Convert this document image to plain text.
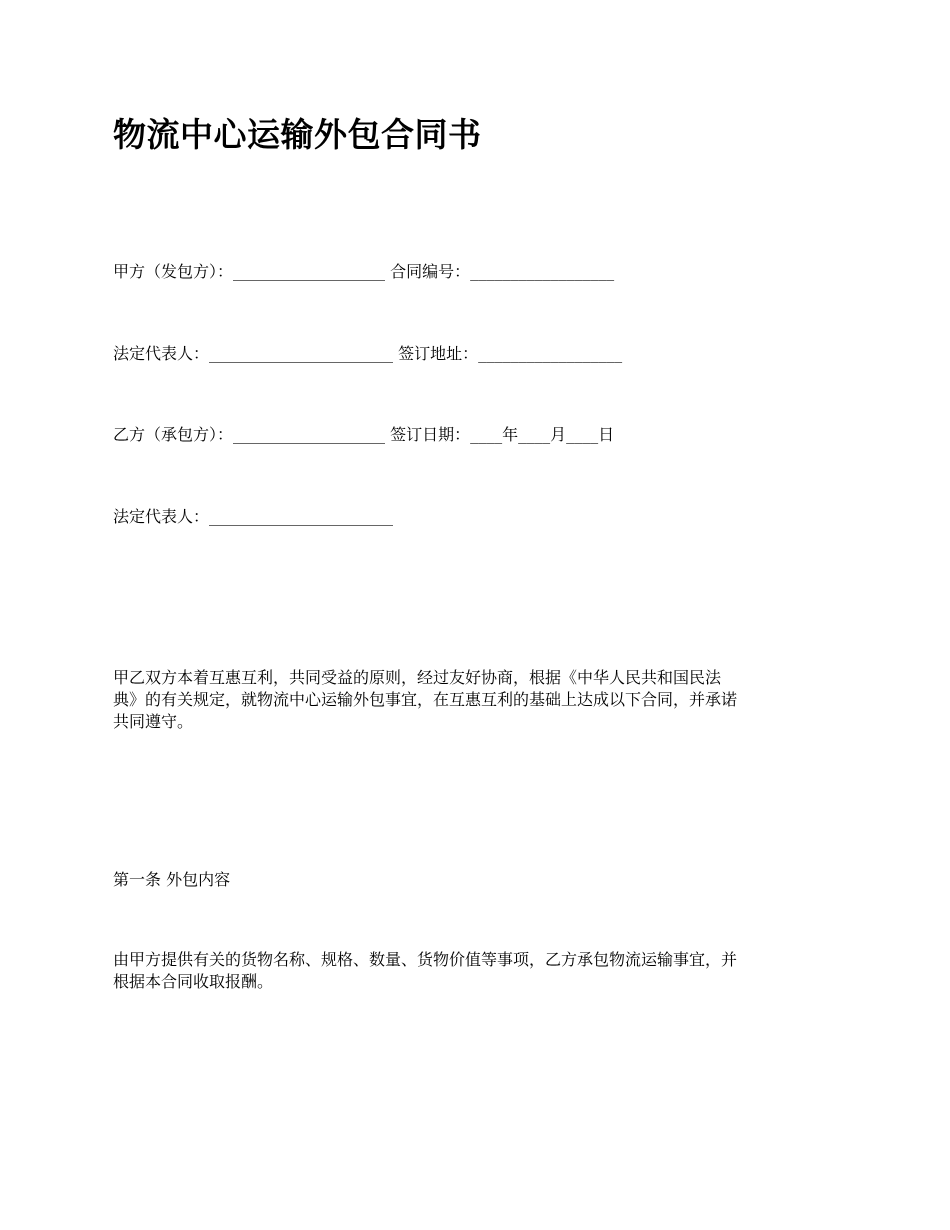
物流中心运输外包合同书
甲方（发包方）：___________________ 合同编号：__________________
法定代表人：_______________________ 签订地址：__________________
乙方（承包方）：___________________ 签订日期：____年____月____日
法定代表人：_______________________
甲乙双方本着互惠互利，共同受益的原则，经过友好协商，根据《中华人民共和国民法
典》的有关规定，就物流中心运输外包事宜，在互惠互利的基础上达成以下合同，并承诺
共同遵守。
第一条 外包内容
由甲方提供有关的货物名称、规格、数量、货物价值等事项，乙方承包物流运输事宜，并
根据本合同收取报酬。
